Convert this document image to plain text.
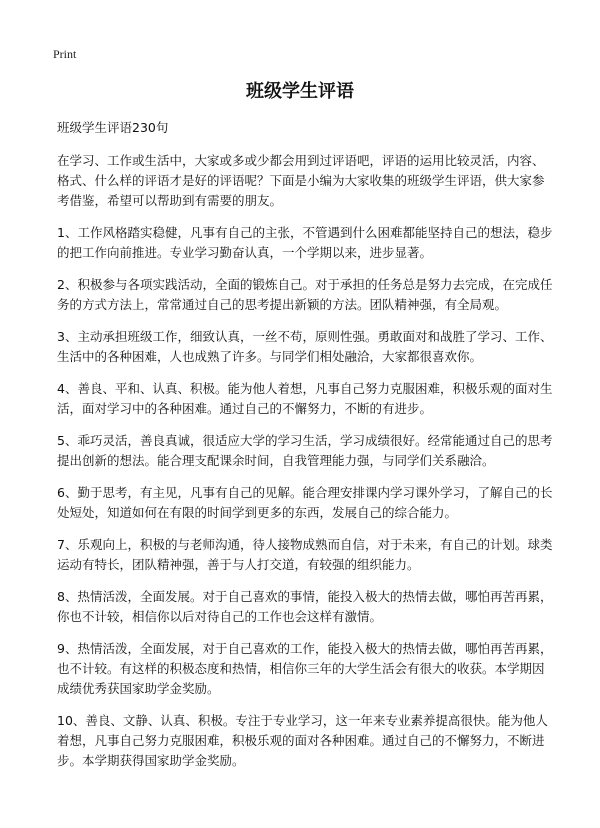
Print
班级学生评语

班级学生评语230句

在学习、工作或生活中，大家或多或少都会用到过评语吧，评语的运用比较灵活，内容、格式、什么样的评语才是好的评语呢？下面是小编为大家收集的班级学生评语，供大家参考借鉴，希望可以帮助到有需要的朋友。

1、工作风格踏实稳健，凡事有自己的主张，不管遇到什么困难都能坚持自己的想法，稳步的把工作向前推进。专业学习勤奋认真，一个学期以来，进步显著。

2、积极参与各项实践活动，全面的锻炼自己。对于承担的任务总是努力去完成，在完成任务的方式方法上，常常通过自己的思考提出新颖的方法。团队精神强，有全局观。

3、主动承担班级工作，细致认真，一丝不苟，原则性强。勇敢面对和战胜了学习、工作、生活中的各种困难，人也成熟了许多。与同学们相处融洽，大家都很喜欢你。

4、善良、平和、认真、积极。能为他人着想，凡事自己努力克服困难，积极乐观的面对生活，面对学习中的各种困难。通过自己的不懈努力，不断的有进步。

5、乖巧灵活，善良真诚，很适应大学的学习生活，学习成绩很好。经常能通过自己的思考提出创新的想法。能合理支配课余时间，自我管理能力强，与同学们关系融洽。

6、勤于思考，有主见，凡事有自己的见解。能合理安排课内学习课外学习，了解自己的长处短处，知道如何在有限的时间学到更多的东西，发展自己的综合能力。

7、乐观向上，积极的与老师沟通，待人接物成熟而自信，对于未来，有自己的计划。球类运动有特长，团队精神强，善于与人打交道，有较强的组织能力。

8、热情活泼，全面发展。对于自己喜欢的事情，能投入极大的热情去做，哪怕再苦再累，你也不计较，相信你以后对待自己的工作也会这样有激情。

9、热情活泼，全面发展，对于自己喜欢的工作，能投入极大的热情去做，哪怕再苦再累，也不计较。有这样的积极态度和热情，相信你三年的大学生活会有很大的收获。本学期因成绩优秀获国家助学金奖励。

10、善良、文静、认真、积极。专注于专业学习，这一年来专业素养提高很快。能为他人着想，凡事自己努力克服困难，积极乐观的面对各种困难。通过自己的不懈努力，不断进步。本学期获得国家助学金奖励。
